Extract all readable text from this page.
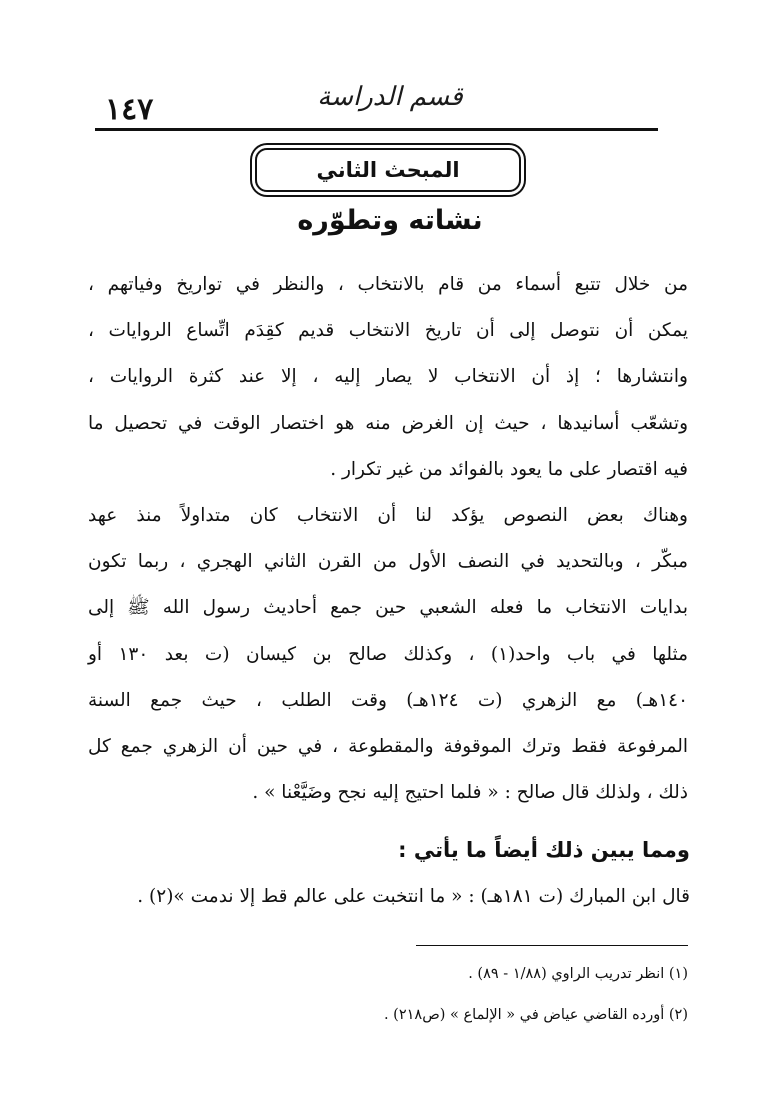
١٤٧	قسم الدراسة
المبحث الثاني
نشاته وتطوّره
من خلال تتبع أسماء من قام بالانتخاب ، والنظر في تواريخ وفياتهم ،
يمكن أن نتوصل إلى أن تاريخ الانتخاب قديم كقِدَم اتِّساع الروايات ،
وانتشارها ؛ إذ أن الانتخاب لا يصار إليه ، إلا عند كثرة الروايات ،
وتشعّب أسانيدها ، حيث إن الغرض منه هو اختصار الوقت في تحصيل ما
فيه اقتصار على ما يعود بالفوائد من غير تكرار .
وهناك بعض النصوص يؤكد لنا أن الانتخاب كان متداولاً منذ عهد
مبكّر ، وبالتحديد في النصف الأول من القرن الثاني الهجري ، ربما تكون
بدايات الانتخاب ما فعله الشعبي حين جمع أحاديث رسول الله ﷺ إلى
مثلها في باب واحد(١) ، وكذلك صالح بن كيسان (ت بعد ١٣٠ أو
١٤٠هـ) مع الزهري (ت ١٢٤هـ) وقت الطلب ، حيث جمع السنة
المرفوعة فقط وترك الموقوفة والمقطوعة ، في حين أن الزهري جمع كل
ذلك ، ولذلك قال صالح : « فلما احتيج إليه نجح وضَيَّعْنا » .
ومما يبين ذلك أيضاً ما يأتي :
قال ابن المبارك (ت ١٨١هـ) : « ما انتخبت على عالم قط إلا ندمت »(٢) .
(١) انظر تدريب الراوي (١/٨٨ - ٨٩) .
(٢) أورده القاضي عياض في « الإلماع » (ص٢١٨) .
